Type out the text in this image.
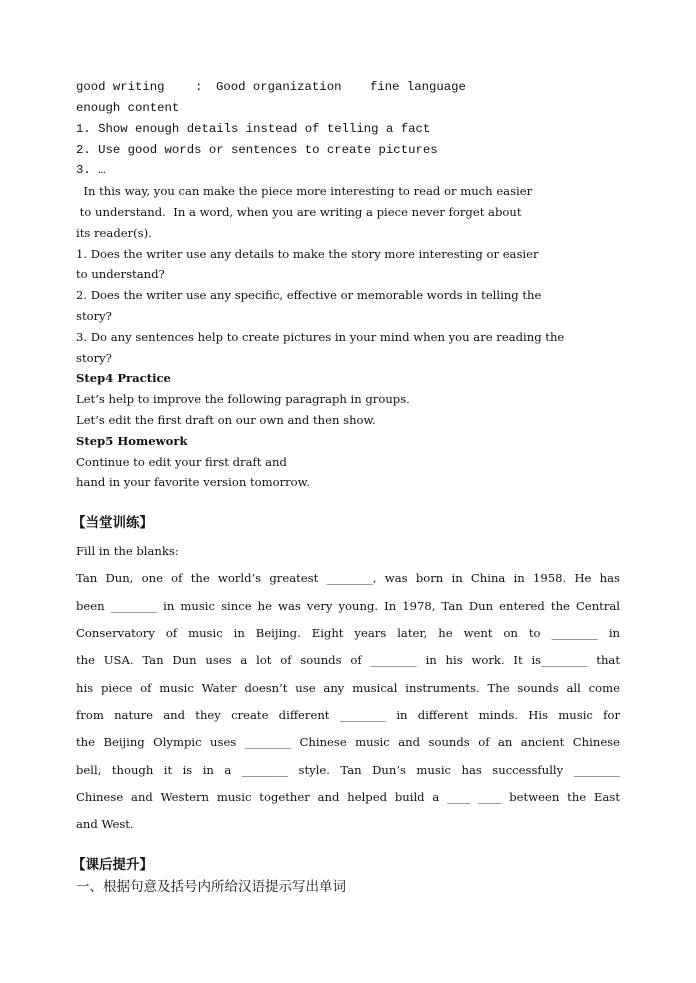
good writing : Good organization fine language
enough content
1. Show enough details instead of telling a fact
2. Use good words or sentences to create pictures
3. …
In this way, you can make the piece more interesting to read or much easier
to understand.  In a word, when you are writing a piece never forget about
its reader(s).
1. Does the writer use any details to make the story more interesting or easier
to understand?
2. Does the writer use any specific, effective or memorable words in telling the
story?
3. Do any sentences help to create pictures in your mind when you are reading the
story?
Step4 Practice
Let’s help to improve the following paragraph in groups.
Let’s edit the first draft on our own and then show.
Step5 Homework
Continue to edit your first draft and
hand in your favorite version tomorrow.
【当堂训练】
Fill in the blanks:
Tan Dun, one of the world’s greatest ________, was born in China in 1958. He has
been ________ in music since he was very young. In 1978, Tan Dun entered the Central
Conservatory of music in Beijing. Eight years later, he went on to ________ in
the USA. Tan Dun uses a lot of sounds of ________ in his work. It is________ that
his piece of music Water doesn’t use any musical instruments. The sounds all come
from nature and they create different ________ in different minds. His music for
the Beijing Olympic uses ________ Chinese music and sounds of an ancient Chinese
bell, though it is in a ________ style. Tan Dun’s music has successfully ________
Chinese and Western music together and helped build a ____ ____ between the East
and West.
【课后提升】
一、根据句意及括号内所给汉语提示写出单词
